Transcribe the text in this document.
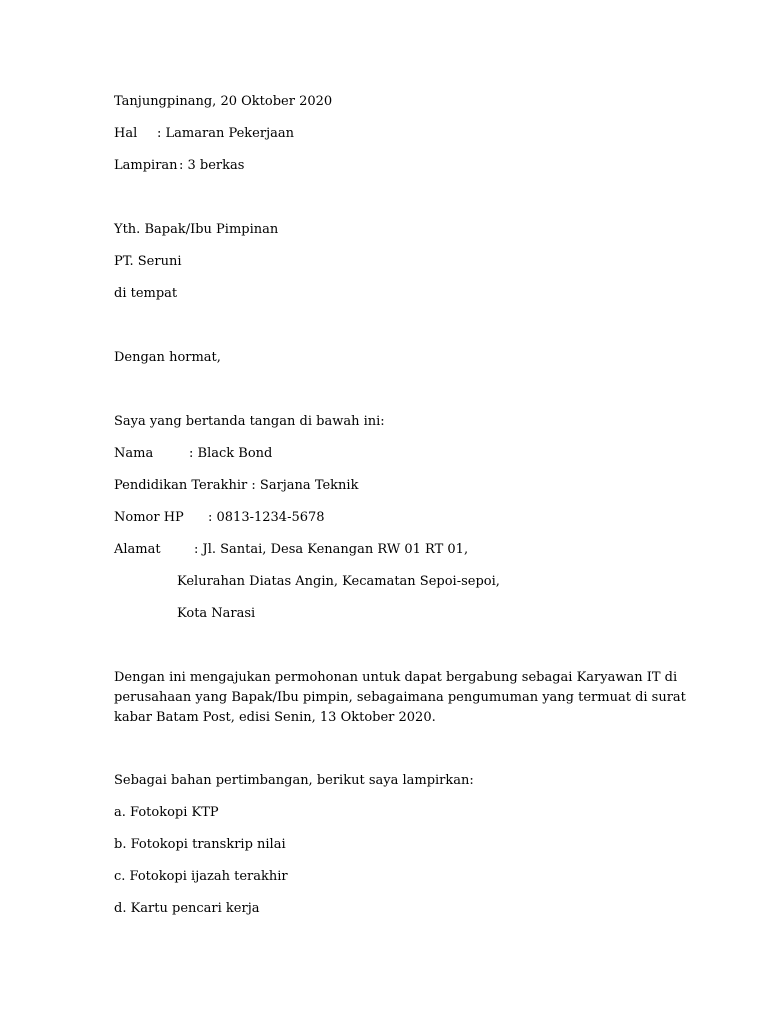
Tanjungpinang, 20 Oktober 2020

Hal : Lamaran Pekerjaan

Lampiran: 3 berkas

Yth. Bapak/Ibu Pimpinan

PT. Seruni

di tempat

Dengan hormat,

Saya yang bertanda tangan di bawah ini:

Nama	: Black Bond

Pendidikan Terakhir : Sarjana Teknik

Nomor HP : 0813-1234-5678

Alamat	: Jl. Santai, Desa Kenangan RW 01 RT 01,

Kelurahan Diatas Angin, Kecamatan Sepoi-sepoi,

Kota Narasi

Dengan ini mengajukan permohonan untuk dapat bergabung sebagai Karyawan IT di
perusahaan yang Bapak/Ibu pimpin, sebagaimana pengumuman yang termuat di surat
kabar Batam Post, edisi Senin, 13 Oktober 2020.

Sebagai bahan pertimbangan, berikut saya lampirkan:

a. Fotokopi KTP

b. Fotokopi transkrip nilai

c. Fotokopi ijazah terakhir

d. Kartu pencari kerja
